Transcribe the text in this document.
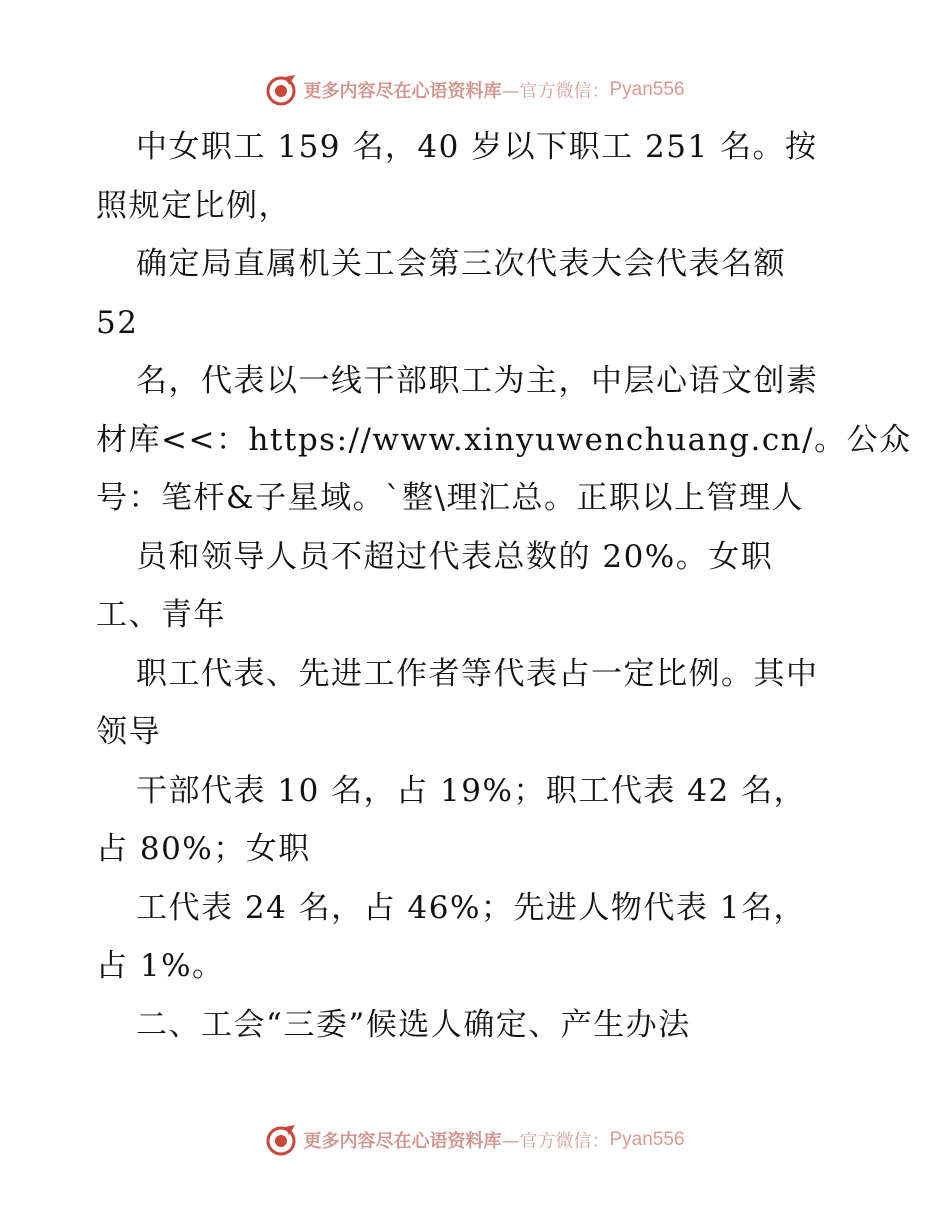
更多内容尽在心语资料库 —官方微信： Pyan556
中女职工 159 名，40 岁以下职工 251 名。按
照规定比例，
确定局直属机关工会第三次代表大会代表名额
52
名，代表以一线干部职工为主，中层心语文创素
材库<<：https://www.xinyuwenchuang.cn/。公众
号：笔杆&子星域。`整\理汇总。正职以上管理人
员和领导人员不超过代表总数的 20%。女职
工、青年
职工代表、先进工作者等代表占一定比例。其中
领导
干部代表 10 名，占 19%；职工代表 42 名，
占 80%；女职
工代表 24 名，占 46%；先进人物代表 1名，
占 1%。
二、工会“三委”候选人确定、产生办法
更多内容尽在心语资料库 —官方微信： Pyan556
